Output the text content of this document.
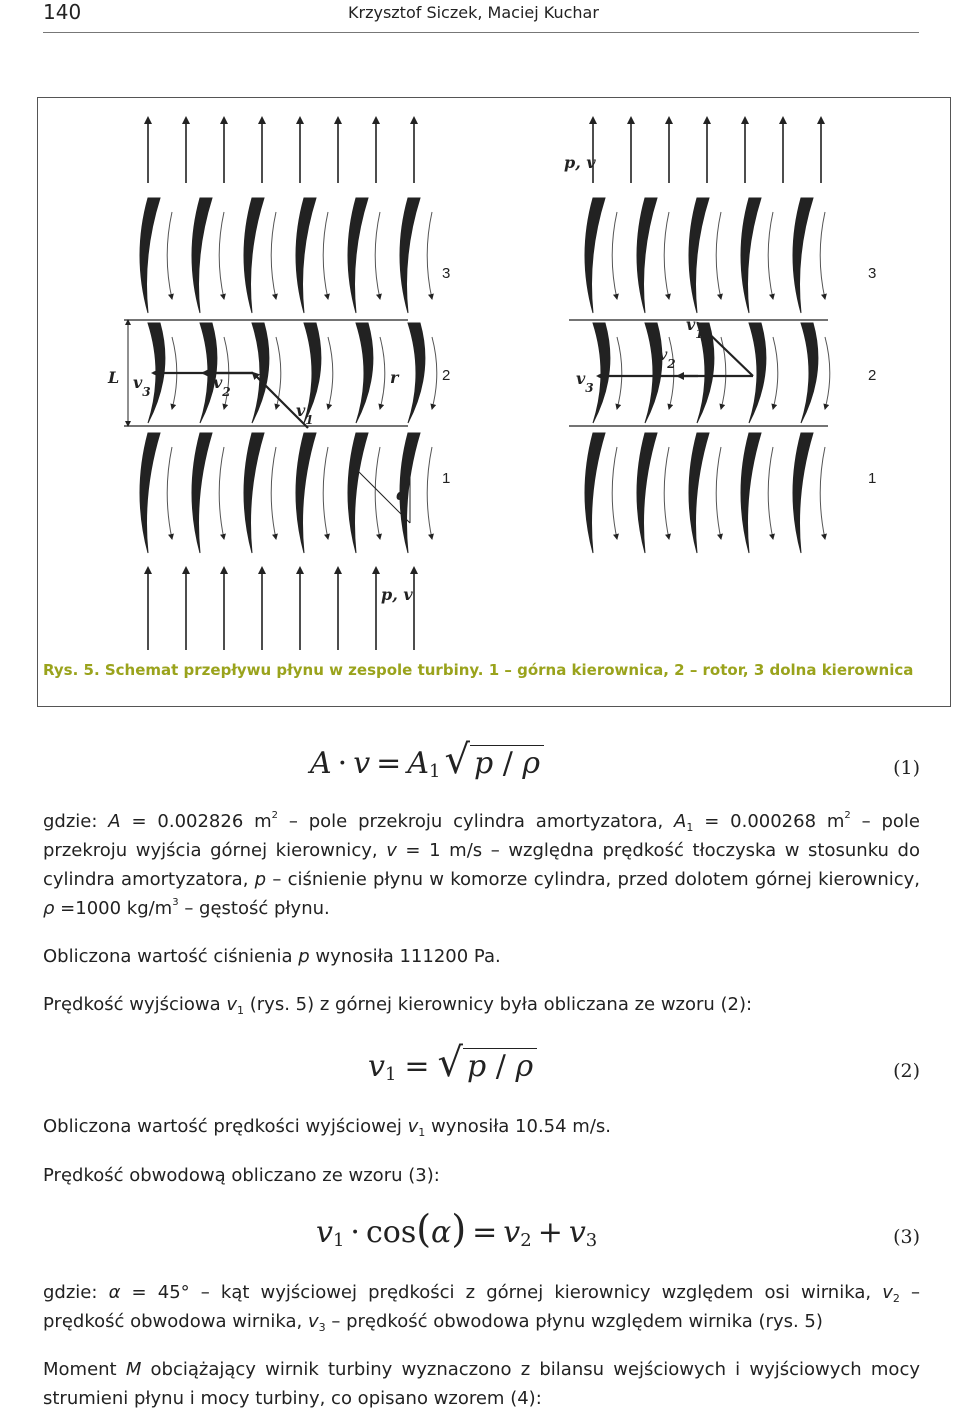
140	Krzysztof Siczek, Maciej Kuchar
p, v
L $v_3$	$v_2$
$v_1$
r
α
p, v
$v_1$
$v_2$
$v_3$
3
2
1
3
2
1
Rys. 5. Schemat przepływu płynu w zespole turbiny. 1 – górna kierownica, 2 – rotor, 3 dolna kierownica
$A \cdot v = A_1$ √ p / ρ	(1)

gdzie: A = 0.002826 $m^2$ – pole przekroju cylindra amortyzatora, $A_1 = 0.000268$ $m^2$ – pole przekroju wyjścia górnej kierownicy, v = 1 m/s – względna prędkość tłoczyska w stosunku do cylindra amortyzatora, p – ciśnienie płynu w komorze cylindra, przed dolotem górnej kierownicy, ρ =1000 $kg/m^3$ – gęstość płynu.

Obliczona wartość ciśnienia p wynosiła 111200 Pa.

Prędkość wyjściowa $v_1$ (rys. 5) z górnej kierownicy była obliczana ze wzoru (2):

$v_1$ = √ p / ρ	(2)

Obliczona wartość prędkości wyjściowej $v_1$ wynosiła 10.54 m/s.

Prędkość obwodową obliczano ze wzoru (3):

$v_1 \cdot \cos(\alpha) = v_2 + v_3$	(3)

gdzie: α = 45° – kąt wyjściowej prędkości z górnej kierownicy względem osi wirnika, $v_2$ – prędkość obwodowa wirnika, $v_3$ – prędkość obwodowa płynu względem wirnika (rys. 5)

Moment M obciążający wirnik turbiny wyznaczono z bilansu wejściowych i wyjściowych mocy strumieni płynu i mocy turbiny, co opisano wzorem (4):
